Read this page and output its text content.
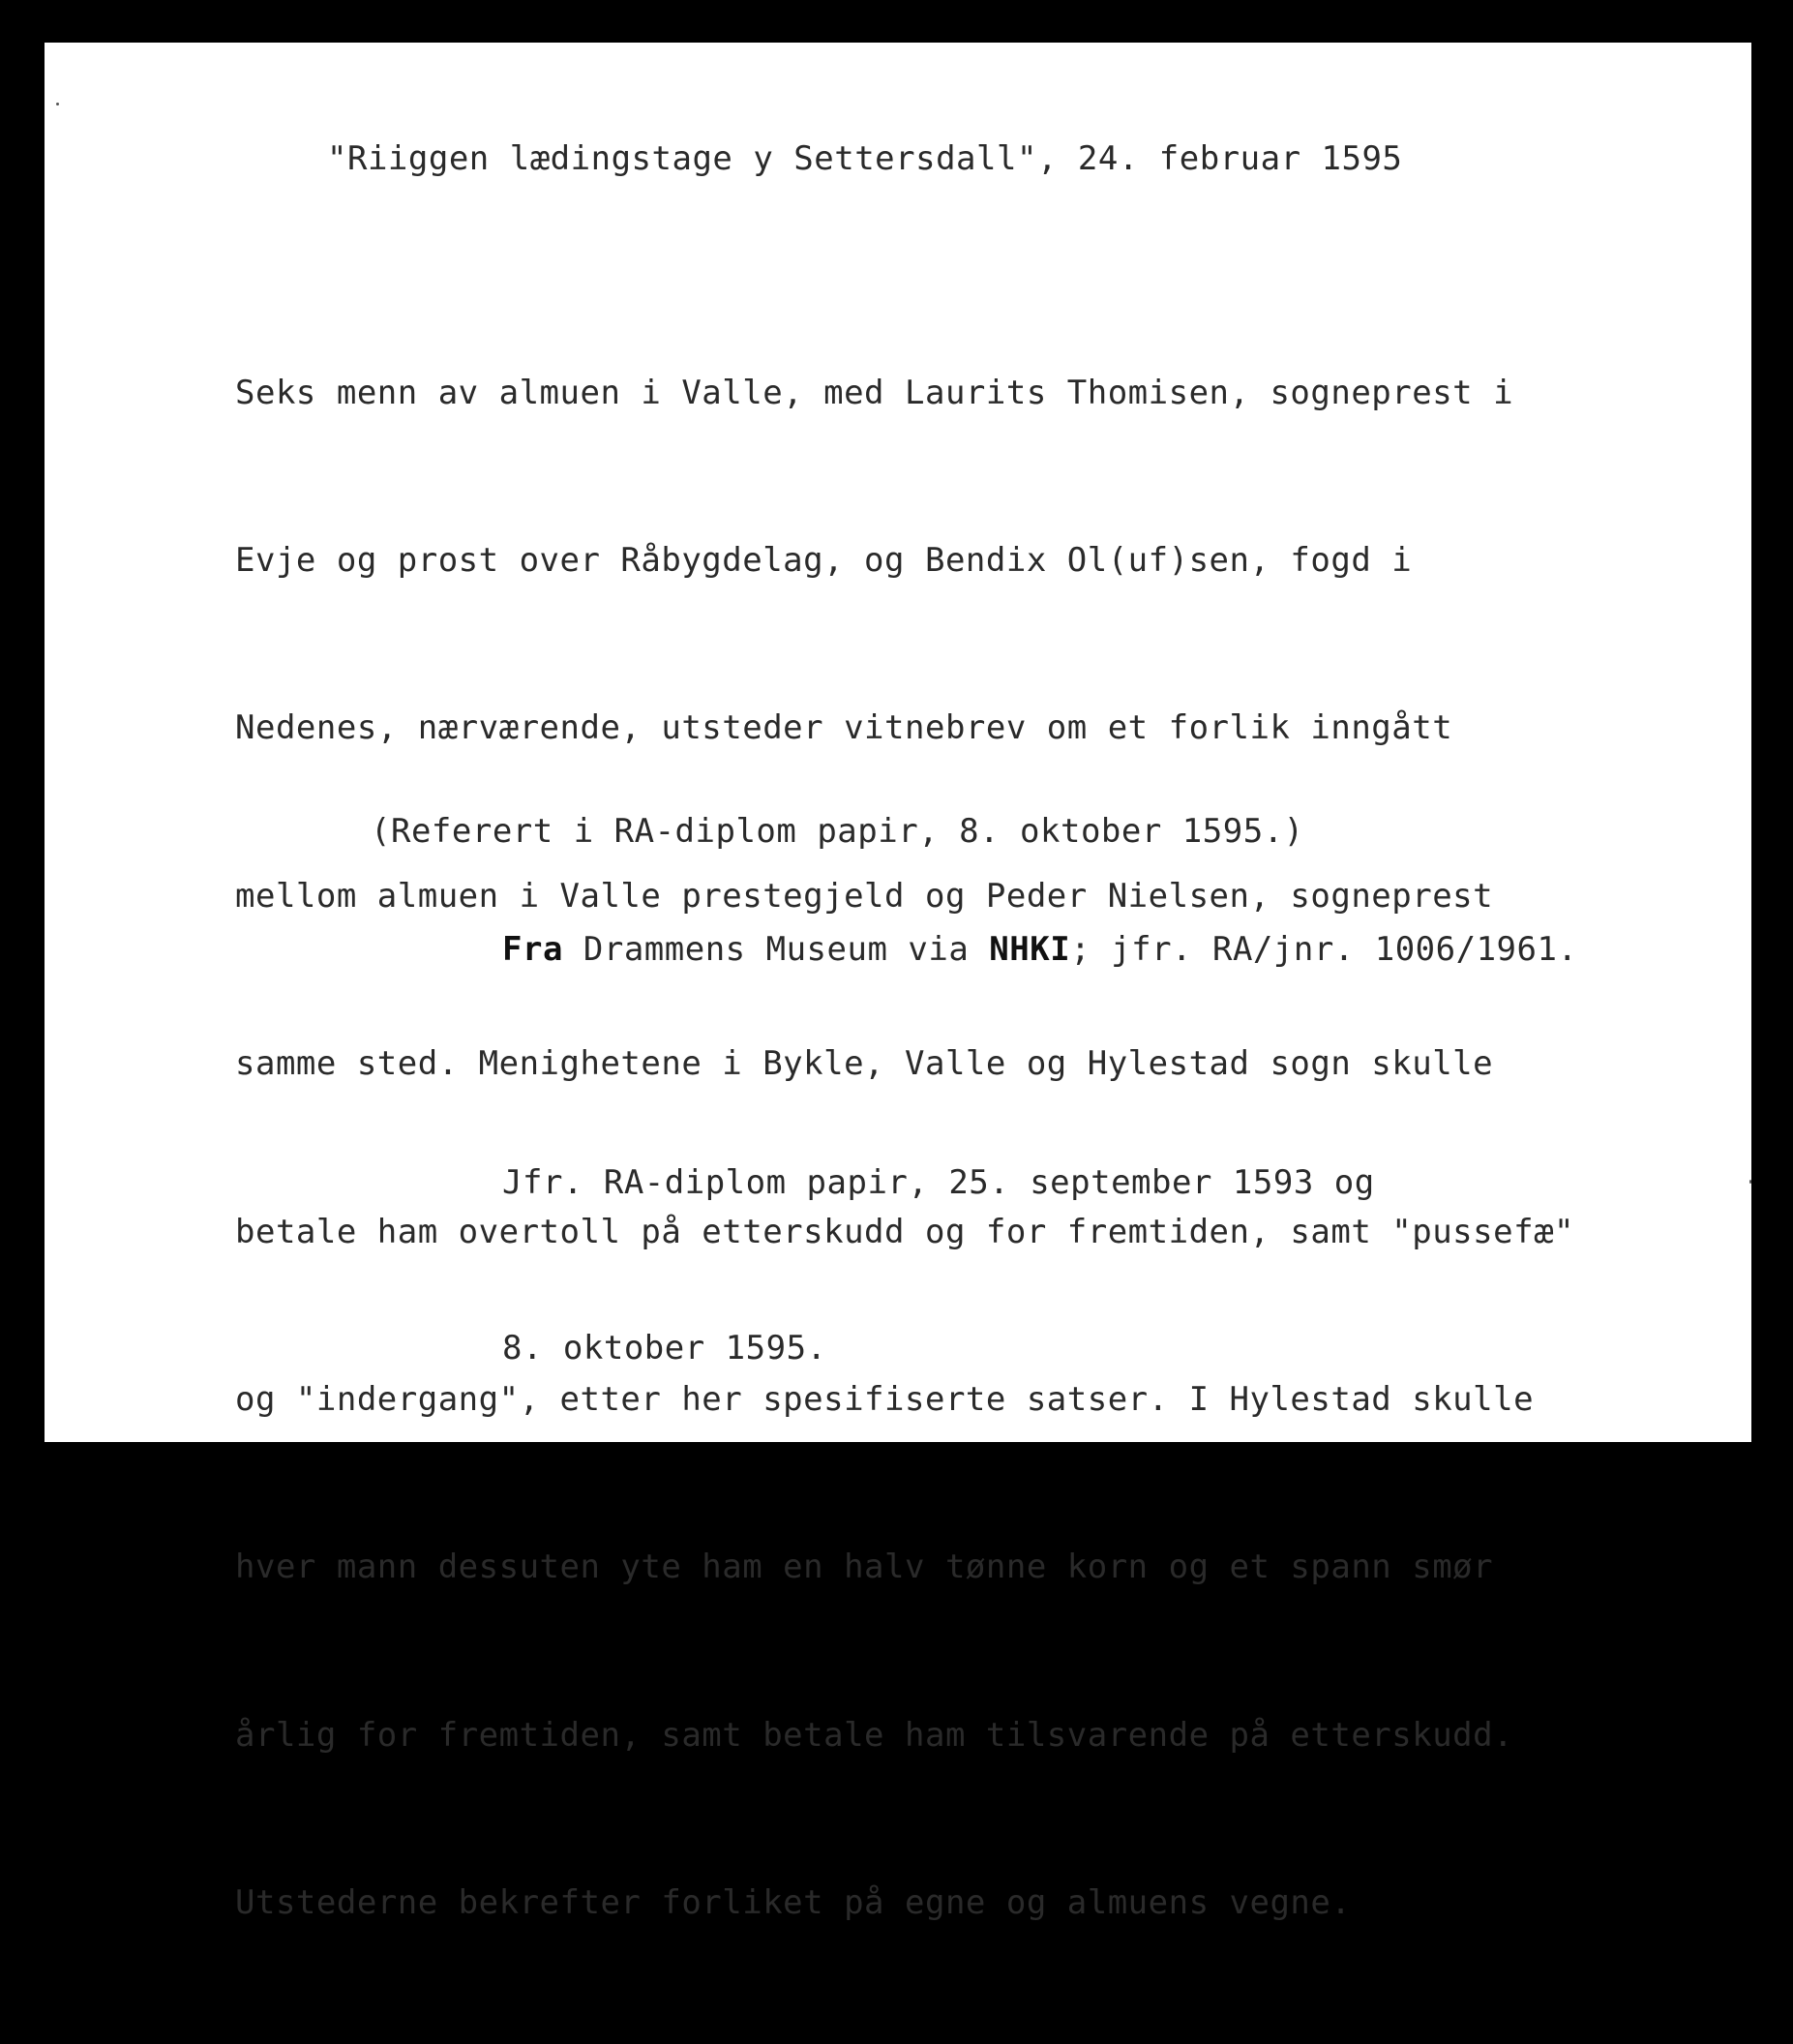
"Riiggen lædingstage y Settersdall", 24. februar 1595

Seks menn av almuen i Valle, med Laurits Thomisen, sogneprest i

Evje og prost over Råbygdelag, og Bendix Ol(uf)sen, fogd i

Nedenes, nærværende, utsteder vitnebrev om et forlik inngått

mellom almuen i Valle prestegjeld og Peder Nielsen, sogneprest

samme sted. Menighetene i Bykle, Valle og Hylestad sogn skulle

betale ham overtoll på etterskudd og for fremtiden, samt "pussefæ"

og "indergang", etter her spesifiserte satser. I Hylestad skulle

hver mann dessuten yte ham en halv tønne korn og et spann smør

årlig for fremtiden, samt betale ham tilsvarende på etterskudd.

Utstederne bekrefter forliket på egne og almuens vegne.

(Referert i RA-diplom papir, 8. oktober 1595.)

Fra Drammens Museum via NHKI; jfr. RA/jnr. 1006/1961.

Jfr. RA-diplom papir, 25. september 1593 og

8. oktober 1595.
